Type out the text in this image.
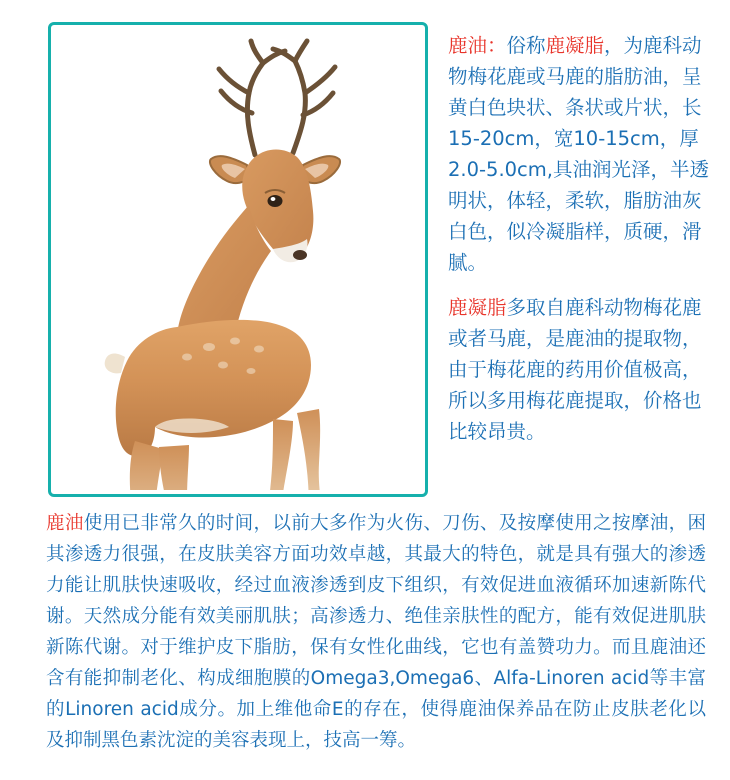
鹿油：俗称鹿凝脂，为鹿科动物梅花鹿或马鹿的脂肪油，呈黄白色块状、条状或片状，长15-20cm，宽10-15cm，厚2.0-5.0cm,具油润光泽，半透明状，体轻，柔软，脂肪油灰白色，似冷凝脂样，质硬，滑腻。

鹿凝脂多取自鹿科动物梅花鹿或者马鹿，是鹿油的提取物，由于梅花鹿的药用价值极高，所以多用梅花鹿提取，价格也比较昂贵。

鹿油使用已非常久的时间，以前大多作为火伤、刀伤、及按摩使用之按摩油，困其渗透力很强，在皮肤美容方面功效卓越，其最大的特色，就是具有强大的渗透力能让肌肤快速吸收，经过血液渗透到皮下组织，有效促进血液循环加速新陈代谢。天然成分能有效美丽肌肤；高渗透力、绝佳亲肤性的配方，能有效促进肌肤新陈代谢。对于维护皮下脂肪，保有女性化曲线，它也有盖赞功力。而且鹿油还含有能抑制老化、构成细胞膜的Omega3,Omega6、Alfa-Linoren acid等丰富的Linoren acid成分。加上维他命E的存在，使得鹿油保养品在防止皮肤老化以及抑制黑色素沈淀的美容表现上，技高一筹。
